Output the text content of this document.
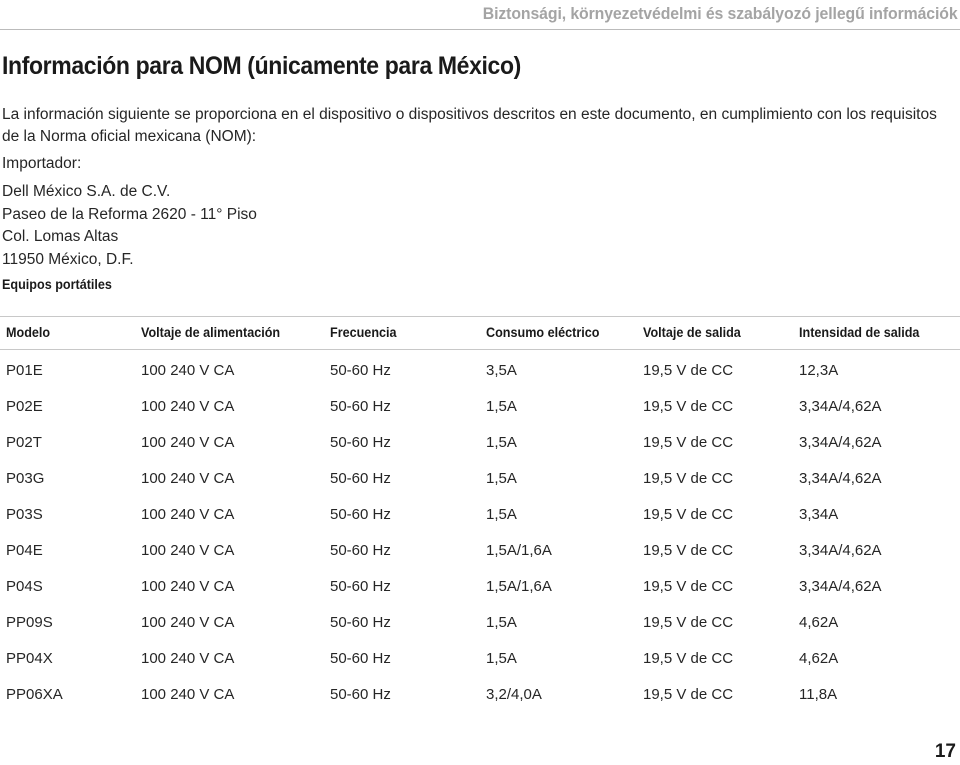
Biztonsági, környezetvédelmi és szabályozó jellegű információk
Información para NOM (únicamente para México)
La información siguiente se proporciona en el dispositivo o dispositivos descritos en este documento, en cumplimiento con los requisitos de la Norma oficial mexicana (NOM):
Importador:
Dell México S.A. de C.V.
Paseo de la Reforma 2620 - 11° Piso
Col. Lomas Altas
11950 México, D.F.
Equipos portátiles
Modelo	Voltaje de alimentación	Frecuencia	Consumo eléctrico	Voltaje de salida	Intensidad de salida
P01E	100 240 V CA	50-60 Hz	3,5A	19,5 V de CC	12,3A
P02E	100 240 V CA	50-60 Hz	1,5A	19,5 V de CC	3,34A/4,62A
P02T	100 240 V CA	50-60 Hz	1,5A	19,5 V de CC	3,34A/4,62A
P03G	100 240 V CA	50-60 Hz	1,5A	19,5 V de CC	3,34A/4,62A
P03S	100 240 V CA	50-60 Hz	1,5A	19,5 V de CC	3,34A
P04E	100 240 V CA	50-60 Hz	1,5A/1,6A	19,5 V de CC	3,34A/4,62A
P04S	100 240 V CA	50-60 Hz	1,5A/1,6A	19,5 V de CC	3,34A/4,62A
PP09S	100 240 V CA	50-60 Hz	1,5A	19,5 V de CC	4,62A
PP04X	100 240 V CA	50-60 Hz	1,5A	19,5 V de CC	4,62A
PP06XA	100 240 V CA	50-60 Hz	3,2/4,0A	19,5 V de CC	11,8A
17
